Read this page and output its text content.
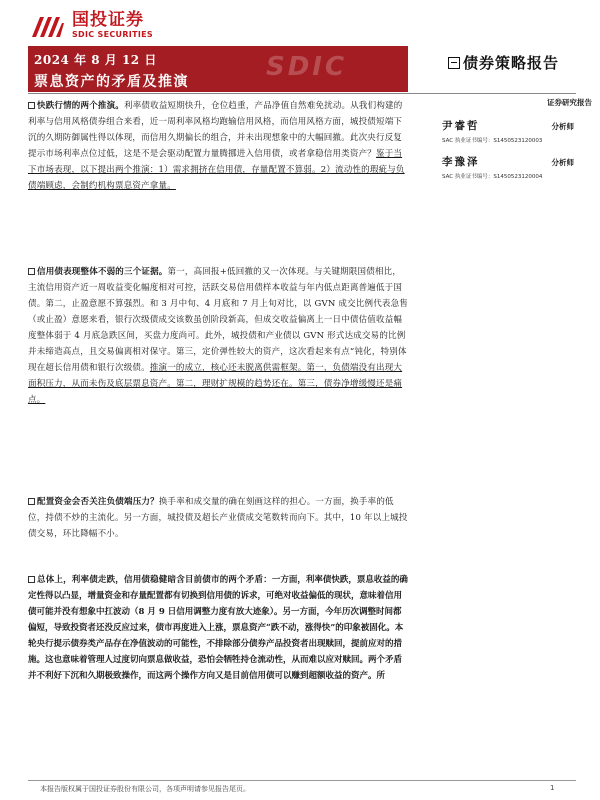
国投证券
SDIC SECURITIES
2024 年 8 月 12 日
票息资产的矛盾及推演	SDIC	债券策略报告
快跌行情的两个推演。利率债收益短期快升，仓位趋重，产品净值自然难免扰动。从我们构建的利率与信用风格债券组合来看，近一周利率风格均跑输信用风格，而信用风格方面，城投债短端下沉的久期防御属性得以体现，而信用久期偏长的组合，并未出现想象中的大幅回撤。此次央行反复提示市场利率点位过低，这是不是会驱动配置力量腾挪进入信用债，或者拿稳信用类资产？鉴于当下市场表现，以下提出两个推演：1）需求拥挤在信用债，存量配置不算弱。2）流动性的瑕疵与负债端顾虑，会制约机构票息资产拿量。
信用债表现整体不弱的三个证据。第一，高回报+低回撤的又一次体现。与关键期限国债相比，主流信用资产近一周收益变化幅度相对可控，活跃交易信用债样本收益与年内低点距离普遍低于国债。第二，止盈意愿不算强烈。和 3 月中旬、4 月底和 7 月上旬对比，以 GVN 成交比例代表急售（或止盈）意愿来看，银行次级债成交该数虽创阶段新高，但成交收益偏离上一日中债估值收益幅度整体弱于 4 月底急跌区间，买盘力度尚可。此外，城投债和产业债以 GVN 形式达成交易的比例并未缔造高点，且交易偏离相对保守。第三，定价弹性较大的资产，这次看起来有点“钝化，特别体现在超长信用债和银行次级债。推演一的成立，核心还未脱离供需框架。第一，负债端没有出现大面积压力，从而未伤及底层票息资产。第二，理财扩规模的趋势还在。第三，债券净增缓慢还是痛点。
配置资金会否关注负债端压力？换手率和成交量的确在刻画这样的担心。一方面，换手率的低位，持债不炒的主流化。另一方面，城投债及超长产业债成交笔数转而向下。其中，10 年以上城投债交易，环比降幅不小。
总体上，利率债走跌，信用债稳健暗含目前债市的两个矛盾：一方面，利率债快跌，票息收益的确定性得以凸显，增量资金和存量配置都有切换到信用债的诉求，可绝对收益偏低的现状，意味着信用债可能并没有想象中扛波动（8 月 9 日信用调整力度有放大迹象）。另一方面，今年历次调整时间都偏短，导致投资者还没反应过来，债市再度进入上涨，票息资产“跌不动，涨得快”的印象被固化。本轮央行提示债券类产品存在净值波动的可能性，不排除部分债券产品投资者出现赎回，提前应对的措施。这也意味着管理人过度切向票息做收益，恐怕会牺牲持仓流动性，从而难以应对赎回。两个矛盾并不利好下沉和久期极致操作，而这两个操作方向又是目前信用债可以赚到超额收益的资产。所
证券研究报告
尹睿哲	分析师
SAC 执业证书编号：S1450523120003
李豫泽	分析师
SAC 执业证书编号：S1450523120004
本报告版权属于国投证券股份有限公司，各项声明请参见报告尾页。	1
